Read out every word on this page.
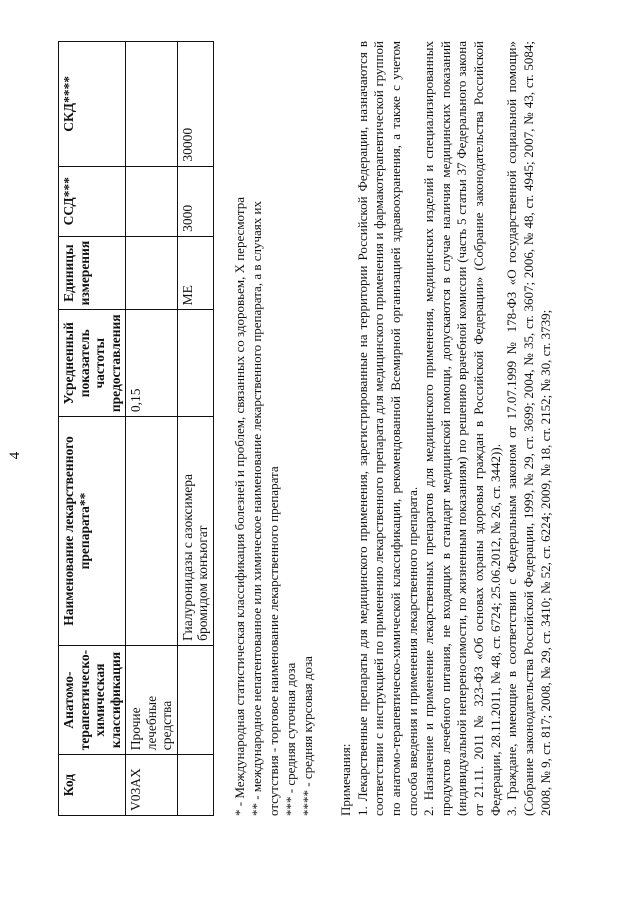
4
Код	Анатомо-терапевтическо-химическая классификация	Наименование лекарственного препарата**	Усредненный показатель частоты предоставления	Единицы измерения	ССД***	СКД****
V03AX	Прочие лечебные средства		0,15			
		Гиалуронидазы с азоксимера бромидом конъюгат		ME	3000	30000
* - Международная статистическая классификация болезней и проблем, связанных со здоровьем, X пересмотра ** - международное непатентованное или химическое наименование лекарственного препарата, а в случаях их отсутствия - торговое наименование лекарственного препарата *** - средняя суточная доза **** - средняя курсовая доза Примечания: 1. Лекарственные препараты для медицинского применения, зарегистрированные на территории Российской Федерации, назначаются в соответствии с инструкцией по применению лекарственного препарата для медицинского применения и фармакотерапевтической группой по анатомо-терапевтическо-химической классификации, рекомендованной Всемирной организацией здравоохранения, а также с учетом способа введения и применения лекарственного препарата. 2. Назначение и применение лекарственных препаратов для медицинского применения, медицинских изделий и специализированных продуктов лечебного питания, не входящих в стандарт медицинской помощи, допускаются в случае наличия медицинских показаний (индивидуальной непереносимости, по жизненным показаниям) по решению врачебной комиссии (часть 5 статьи 37 Федерального закона от 21.11. 2011 № 323-ФЗ «Об основах охраны здоровья граждан в Российской Федерации» (Собрание законодательства Российской Федерации, 28.11.2011, № 48, ст. 6724; 25.06.2012, № 26, ст. 3442)). 3. Граждане, имеющие в соответствии с Федеральным законом от 17.07.1999 № 178-ФЗ «О государственной социальной помощи» (Собрание законодательства Российской Федерации, 1999, № 29, ст. 3699; 2004, № 35, ст. 3607; 2006, № 48, ст. 4945; 2007, № 43, ст. 5084; 2008, № 9, ст. 817; 2008, № 29, ст. 3410; № 52, ст. 6224; 2009, № 18, ст. 2152; № 30, ст. 3739;
